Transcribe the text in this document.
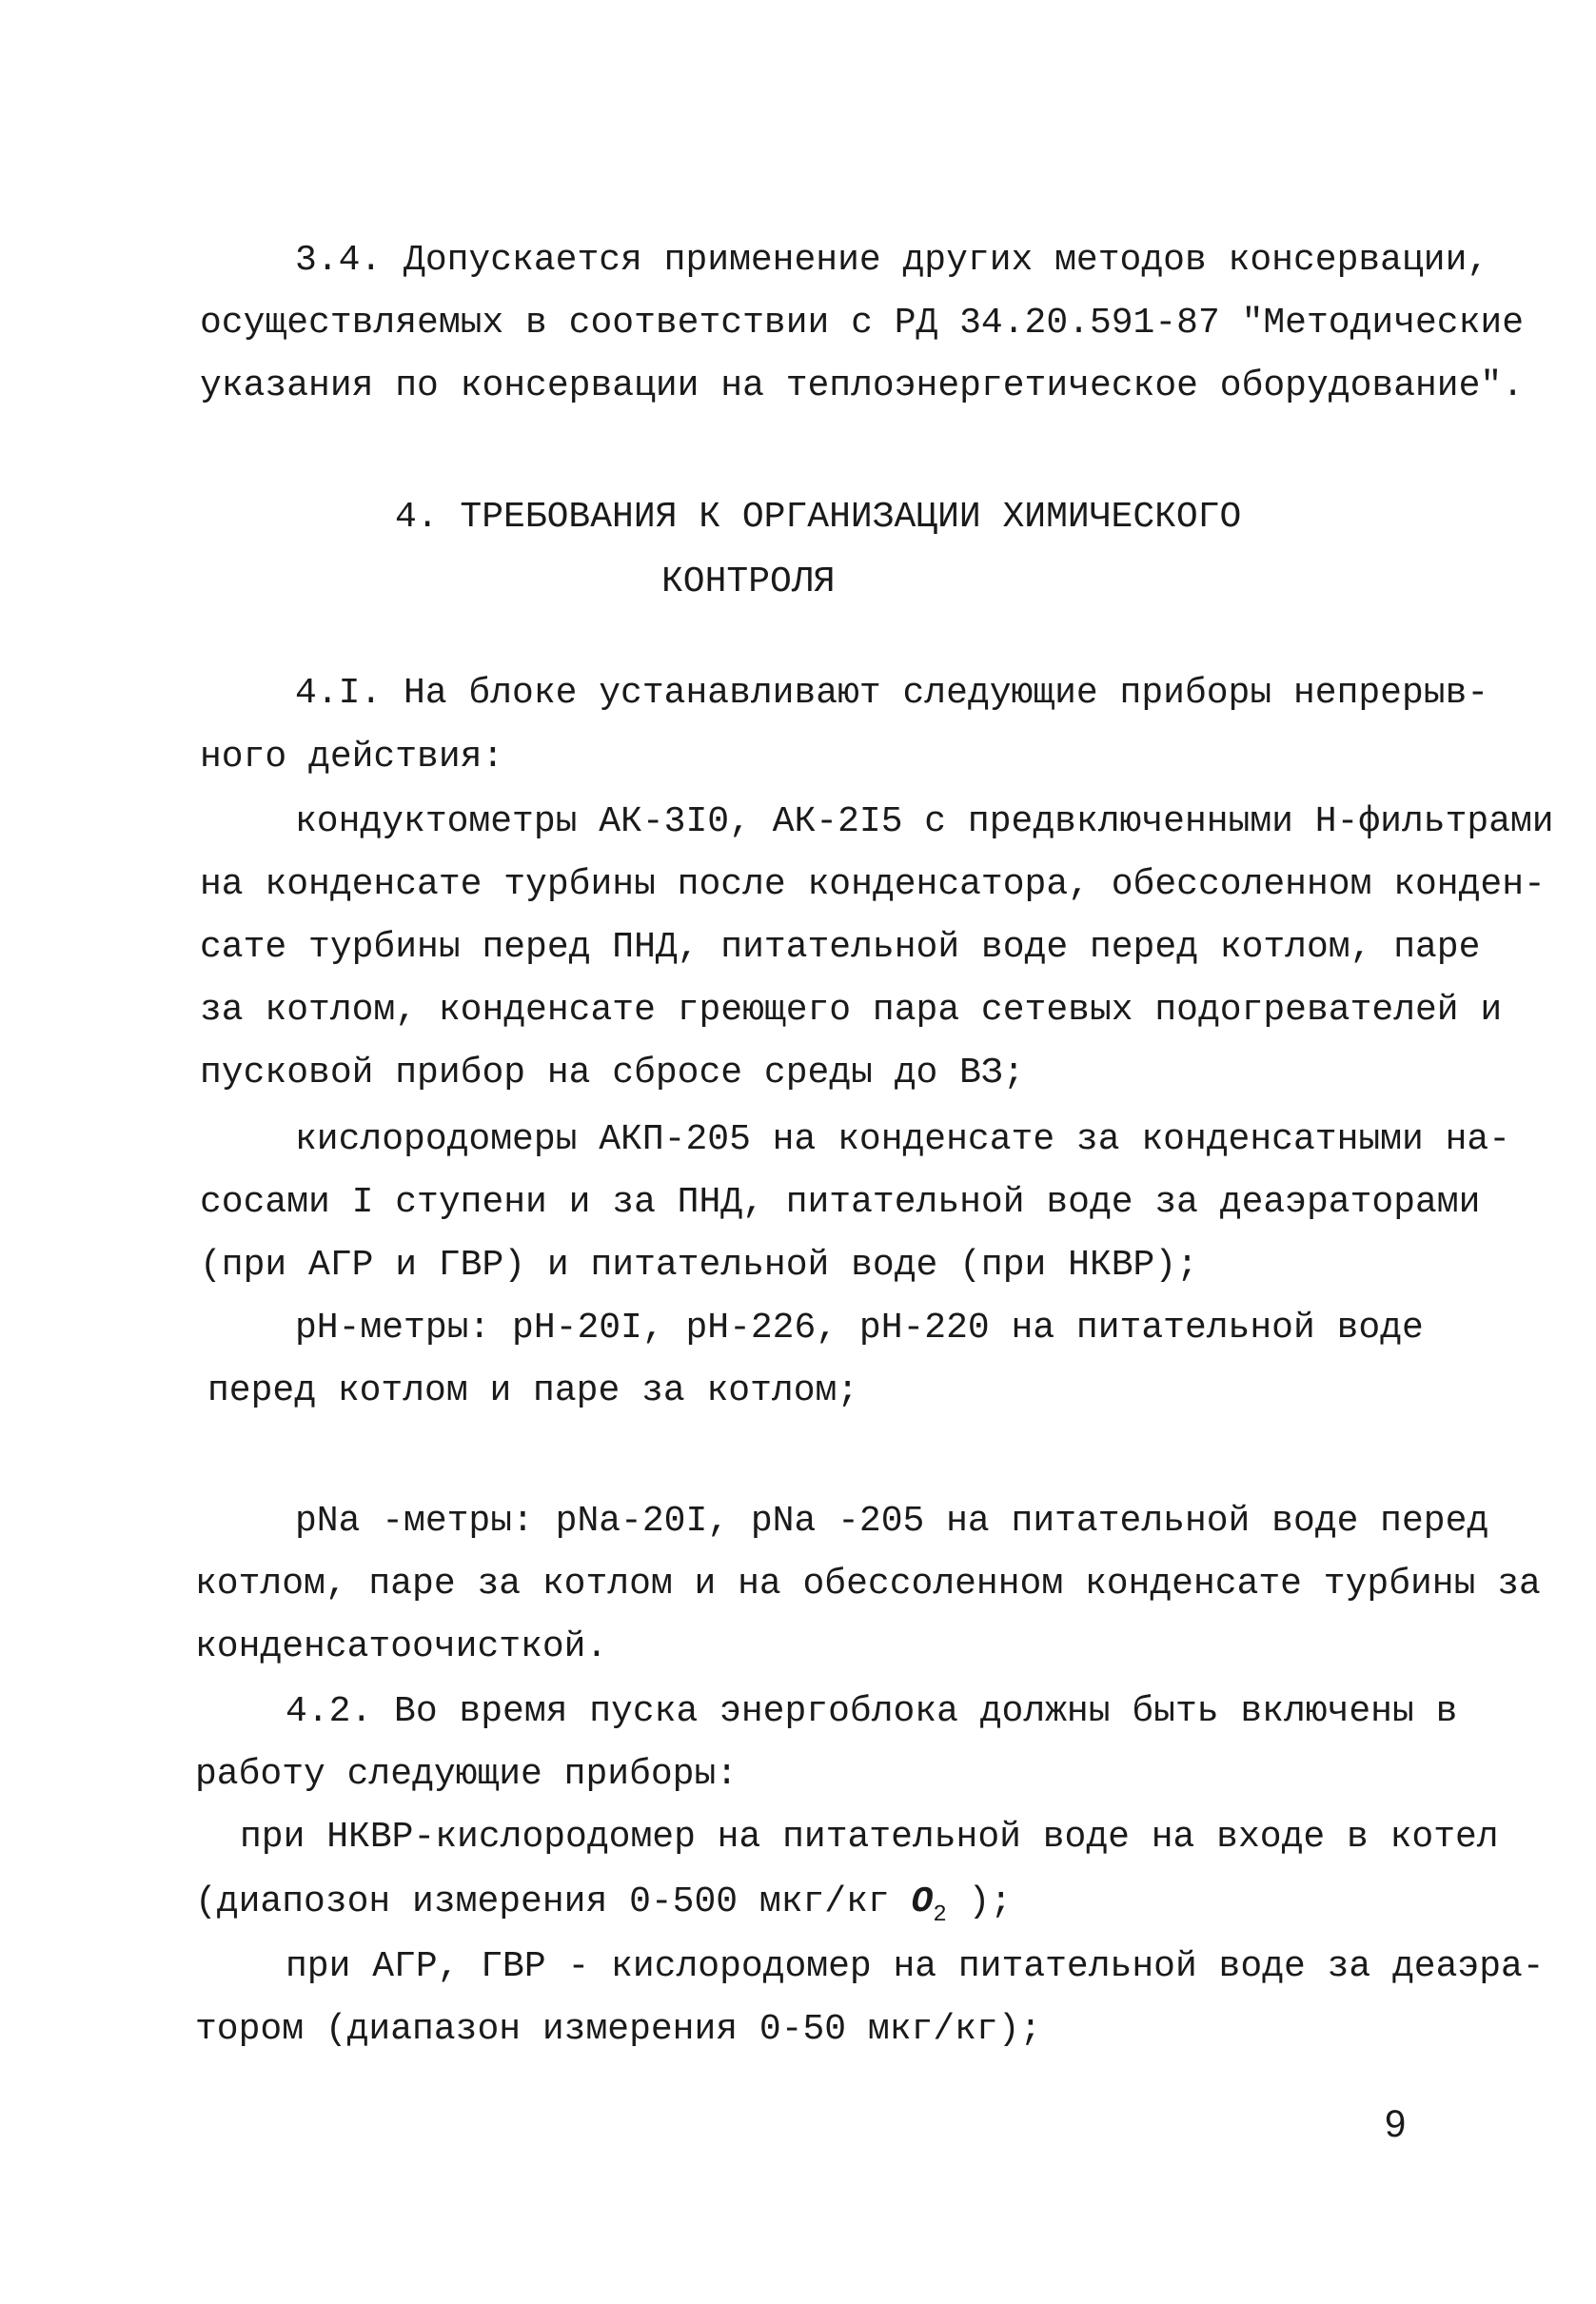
3.4. Допускается применение других методов консервации,
осуществляемых в соответствии с РД 34.20.591-87 "Методические
указания по консервации на теплоэнергетическое оборудование".
4. ТРЕБОВАНИЯ К ОРГАНИЗАЦИИ ХИМИЧЕСКОГО
КОНТРОЛЯ
4.I. На блоке устанавливают следующие приборы непрерыв-
ного действия:
кондуктометры АК-3I0, АК-2I5 с предвключенными Н-фильтрами
на конденсате турбины после конденсатора, обессоленном конден-
сате турбины перед ПНД, питательной воде перед котлом, паре
за котлом, конденсате греющего пара сетевых подогревателей и
пусковой прибор на сбросе среды до ВЗ;
кислородомеры АКП-205 на конденсате за конденсатными на-
сосами I ступени и за ПНД, питательной воде за деаэраторами
(при АГР и ГВР) и питательной воде (при НКВР);
pH-метры: pH-20I, pH-226, pH-220 на питательной воде
перед котлом и паре за котлом;
pNa -метры: pNa-20I, pNa -205 на питательной воде перед
котлом, паре за котлом и на обессоленном конденсате турбины за
конденсатоочисткой.
4.2. Во время пуска энергоблока должны быть включены в
работу следующие приборы:
при НКВР-кислородомер на питательной воде на входе в котел
(диапозон измерения 0-500 мкг/кг $O_2$ );
при АГР, ГВР - кислородомер на питательной воде за деаэра-
тором (диапазон измерения 0-50 мкг/кг);
9
